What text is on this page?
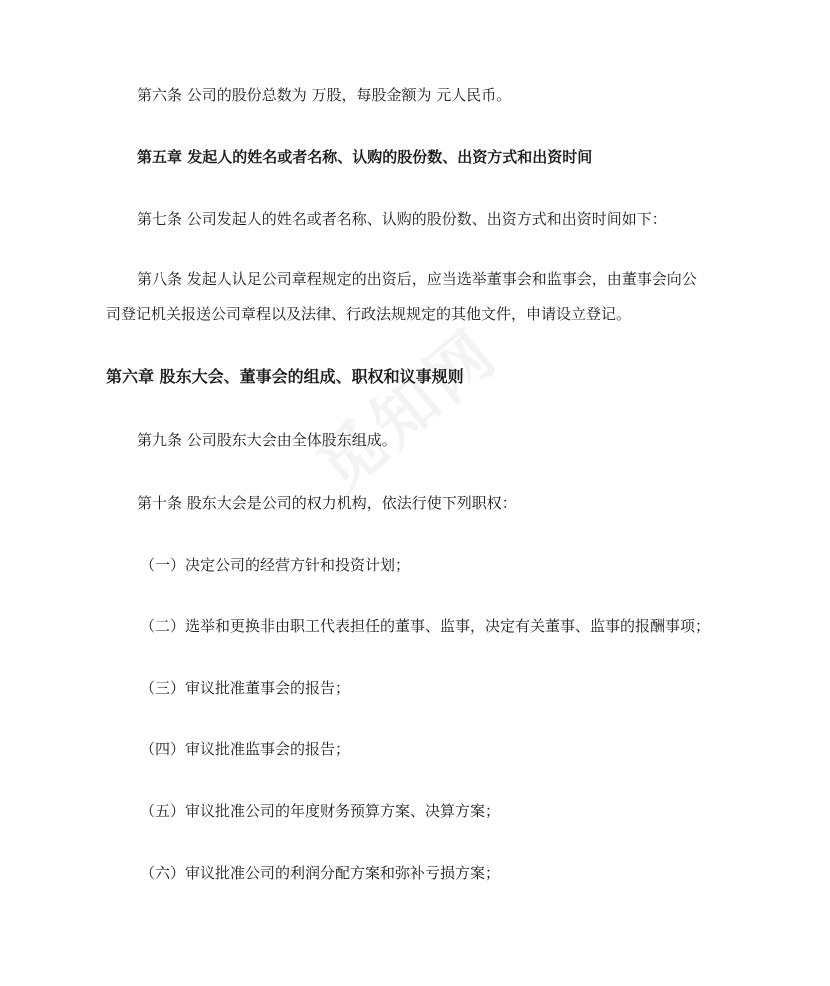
第六条 公司的股份总数为 万股，每股金额为 元人民币。
第五章 发起人的姓名或者名称、认购的股份数、出资方式和出资时间
第七条 公司发起人的姓名或者名称、认购的股份数、出资方式和出资时间如下：
第八条 发起人认足公司章程规定的出资后，应当选举董事会和监事会，由董事会向公
司登记机关报送公司章程以及法律、行政法规规定的其他文件，申请设立登记。
第六章 股东大会、董事会的组成、职权和议事规则
第九条 公司股东大会由全体股东组成。
第十条 股东大会是公司的权力机构，依法行使下列职权：
（一）决定公司的经营方针和投资计划；
（二）选举和更换非由职工代表担任的董事、监事，决定有关董事、监事的报酬事项；
（三）审议批准董事会的报告；
（四）审议批准监事会的报告；
（五）审议批准公司的年度财务预算方案、决算方案；
（六）审议批准公司的利润分配方案和弥补亏损方案；
